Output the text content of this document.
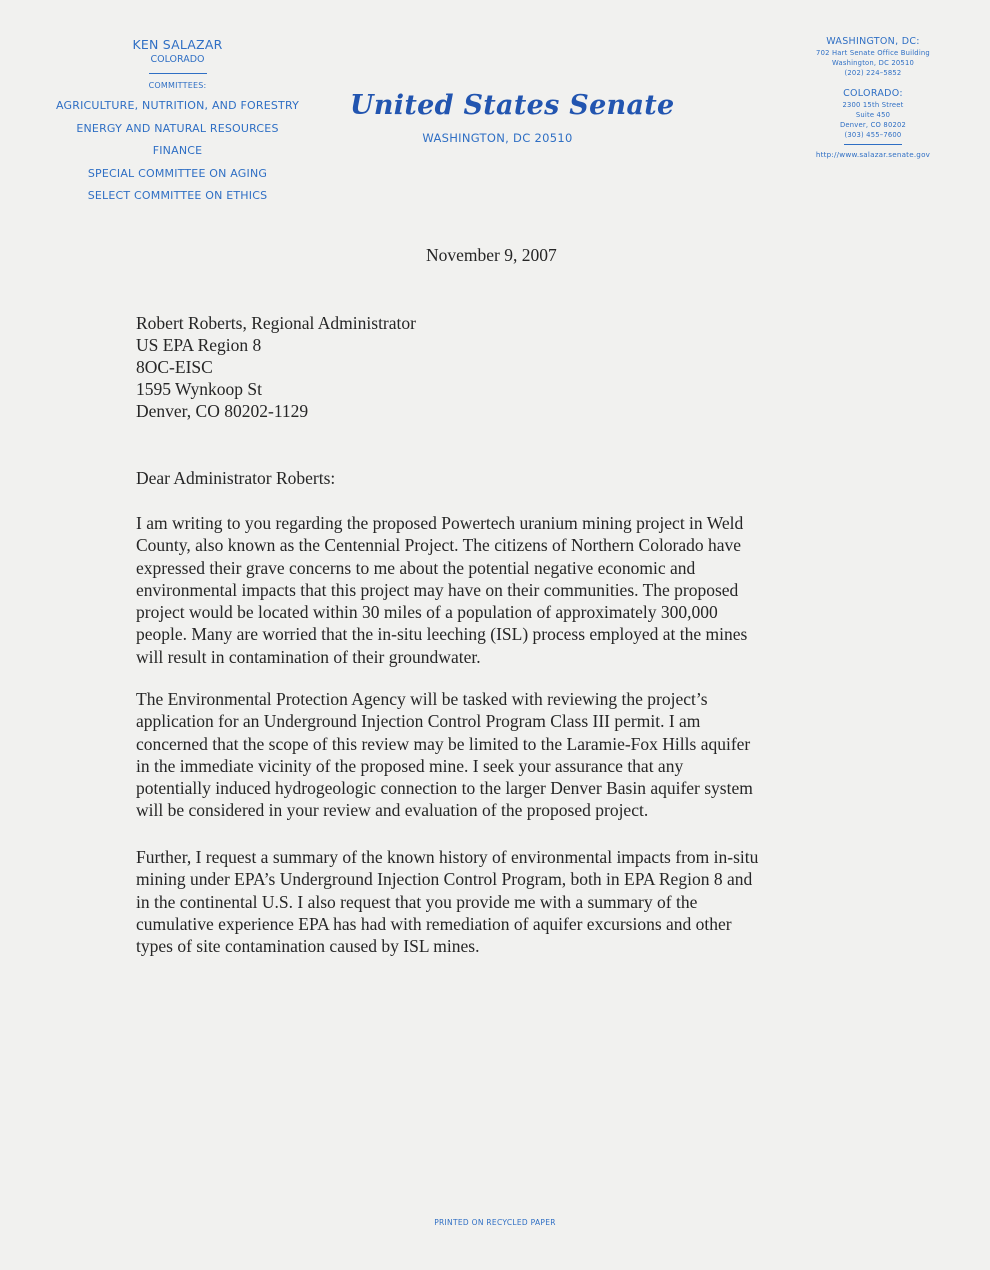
KEN SALAZAR
COLORADO
COMMITTEES:
AGRICULTURE, NUTRITION, AND FORESTRY
ENERGY AND NATURAL RESOURCES
FINANCE
SPECIAL COMMITTEE ON AGING
SELECT COMMITTEE ON ETHICS
United States Senate
WASHINGTON, DC 20510
WASHINGTON, DC:
702 Hart Senate Office Building
Washington, DC 20510
(202) 224–5852
COLORADO:
2300 15th Street
Suite 450
Denver, CO 80202
(303) 455–7600
http://www.salazar.senate.gov
November 9, 2007
Robert Roberts, Regional Administrator
US EPA Region 8
8OC-EISC
1595 Wynkoop St
Denver, CO 80202-1129
Dear Administrator Roberts:
I am writing to you regarding the proposed Powertech uranium mining project in Weld
County, also known as the Centennial Project. The citizens of Northern Colorado have
expressed their grave concerns to me about the potential negative economic and
environmental impacts that this project may have on their communities. The proposed
project would be located within 30 miles of a population of approximately 300,000
people. Many are worried that the in-situ leeching (ISL) process employed at the mines
will result in contamination of their groundwater.
The Environmental Protection Agency will be tasked with reviewing the project’s
application for an Underground Injection Control Program Class III permit. I am
concerned that the scope of this review may be limited to the Laramie-Fox Hills aquifer
in the immediate vicinity of the proposed mine. I seek your assurance that any
potentially induced hydrogeologic connection to the larger Denver Basin aquifer system
will be considered in your review and evaluation of the proposed project.
Further, I request a summary of the known history of environmental impacts from in-situ
mining under EPA’s Underground Injection Control Program, both in EPA Region 8 and
in the continental U.S. I also request that you provide me with a summary of the
cumulative experience EPA has had with remediation of aquifer excursions and other
types of site contamination caused by ISL mines.
PRINTED ON RECYCLED PAPER
